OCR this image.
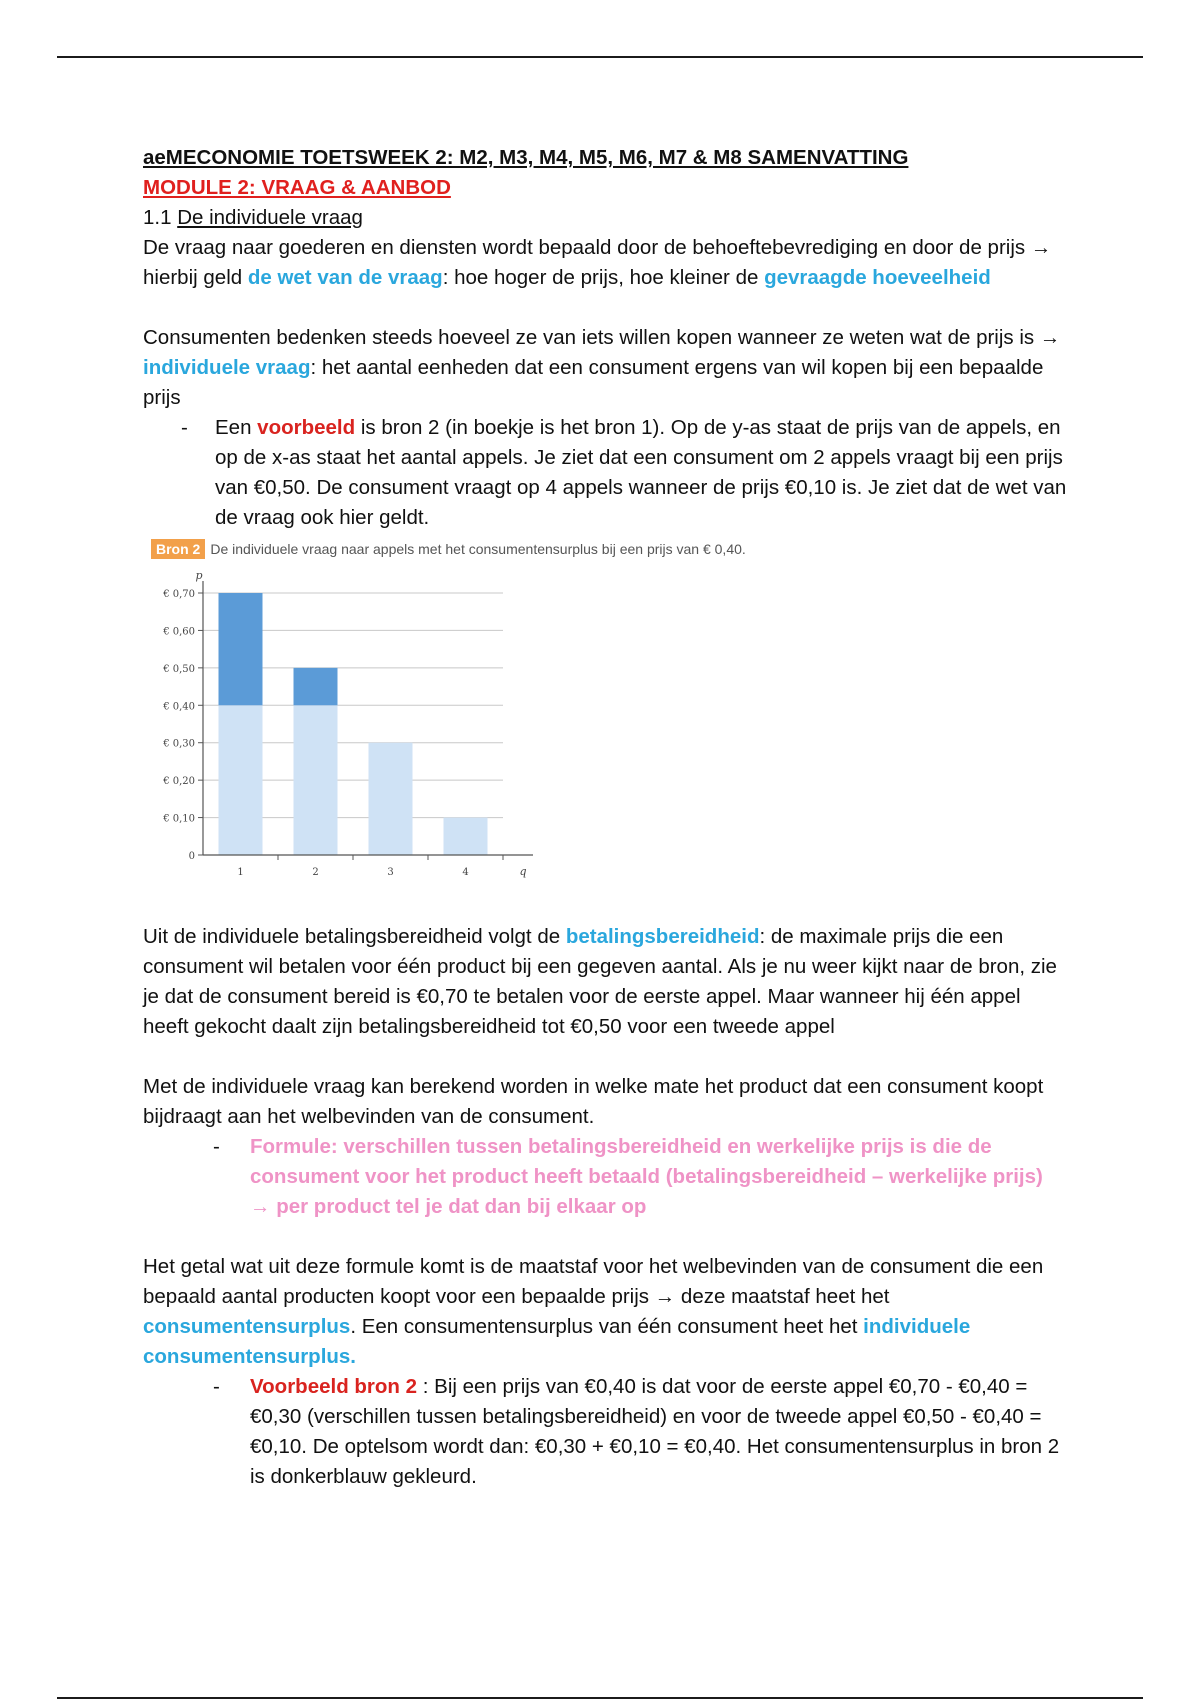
aeMECONOMIE TOETSWEEK 2: M2, M3, M4, M5, M6, M7 & M8 SAMENVATTING

MODULE 2: VRAAG & AANBOD

1.1 De individuele vraag

De vraag naar goederen en diensten wordt bepaald door de behoeftebevrediging en door de prijs → hierbij geld de wet van de vraag: hoe hoger de prijs, hoe kleiner de gevraagde hoeveelheid

Consumenten bedenken steeds hoeveel ze van iets willen kopen wanneer ze weten wat de prijs is → individuele vraag: het aantal eenheden dat een consument ergens van wil kopen bij een bepaalde prijs

-	Een voorbeeld is bron 2 (in boekje is het bron 1). Op de y-as staat de prijs van de appels, en op de x-as staat het aantal appels. Je ziet dat een consument om 2 appels vraagt bij een prijs van €0,50. De consument vraagt op 4 appels wanneer de prijs €0,10 is. Je ziet dat de wet van de vraag ook hier geldt.
Bron 2 De individuele vraag naar appels met het consumentensurplus bij een prijs van € 0,40.
0
€ 0,10
€ 0,20
€ 0,30
€ 0,40
€ 0,50
€ 0,60
€ 0,70
1	2	3	4	q
p

Uit de individuele betalingsbereidheid volgt de betalingsbereidheid: de maximale prijs die een consument wil betalen voor één product bij een gegeven aantal. Als je nu weer kijkt naar de bron, zie je dat de consument bereid is €0,70 te betalen voor de eerste appel. Maar wanneer hij één appel heeft gekocht daalt zijn betalingsbereidheid tot €0,50 voor een tweede appel

Met de individuele vraag kan berekend worden in welke mate het product dat een consument koopt bijdraagt aan het welbevinden van de consument.

-	Formule: verschillen tussen betalingsbereidheid en werkelijke prijs is die de consument voor het product heeft betaald (betalingsbereidheid – werkelijke prijs) → per product tel je dat dan bij elkaar op

Het getal wat uit deze formule komt is de maatstaf voor het welbevinden van de consument die een bepaald aantal producten koopt voor een bepaalde prijs → deze maatstaf heet het consumentensurplus. Een consumentensurplus van één consument heet het individuele consumentensurplus.

-	Voorbeeld bron 2 : Bij een prijs van €0,40 is dat voor de eerste appel €0,70 - €0,40 = €0,30 (verschillen tussen betalingsbereidheid) en voor de tweede appel €0,50 - €0,40 = €0,10. De optelsom wordt dan: €0,30 + €0,10 = €0,40. Het consumentensurplus in bron 2 is donkerblauw gekleurd.
